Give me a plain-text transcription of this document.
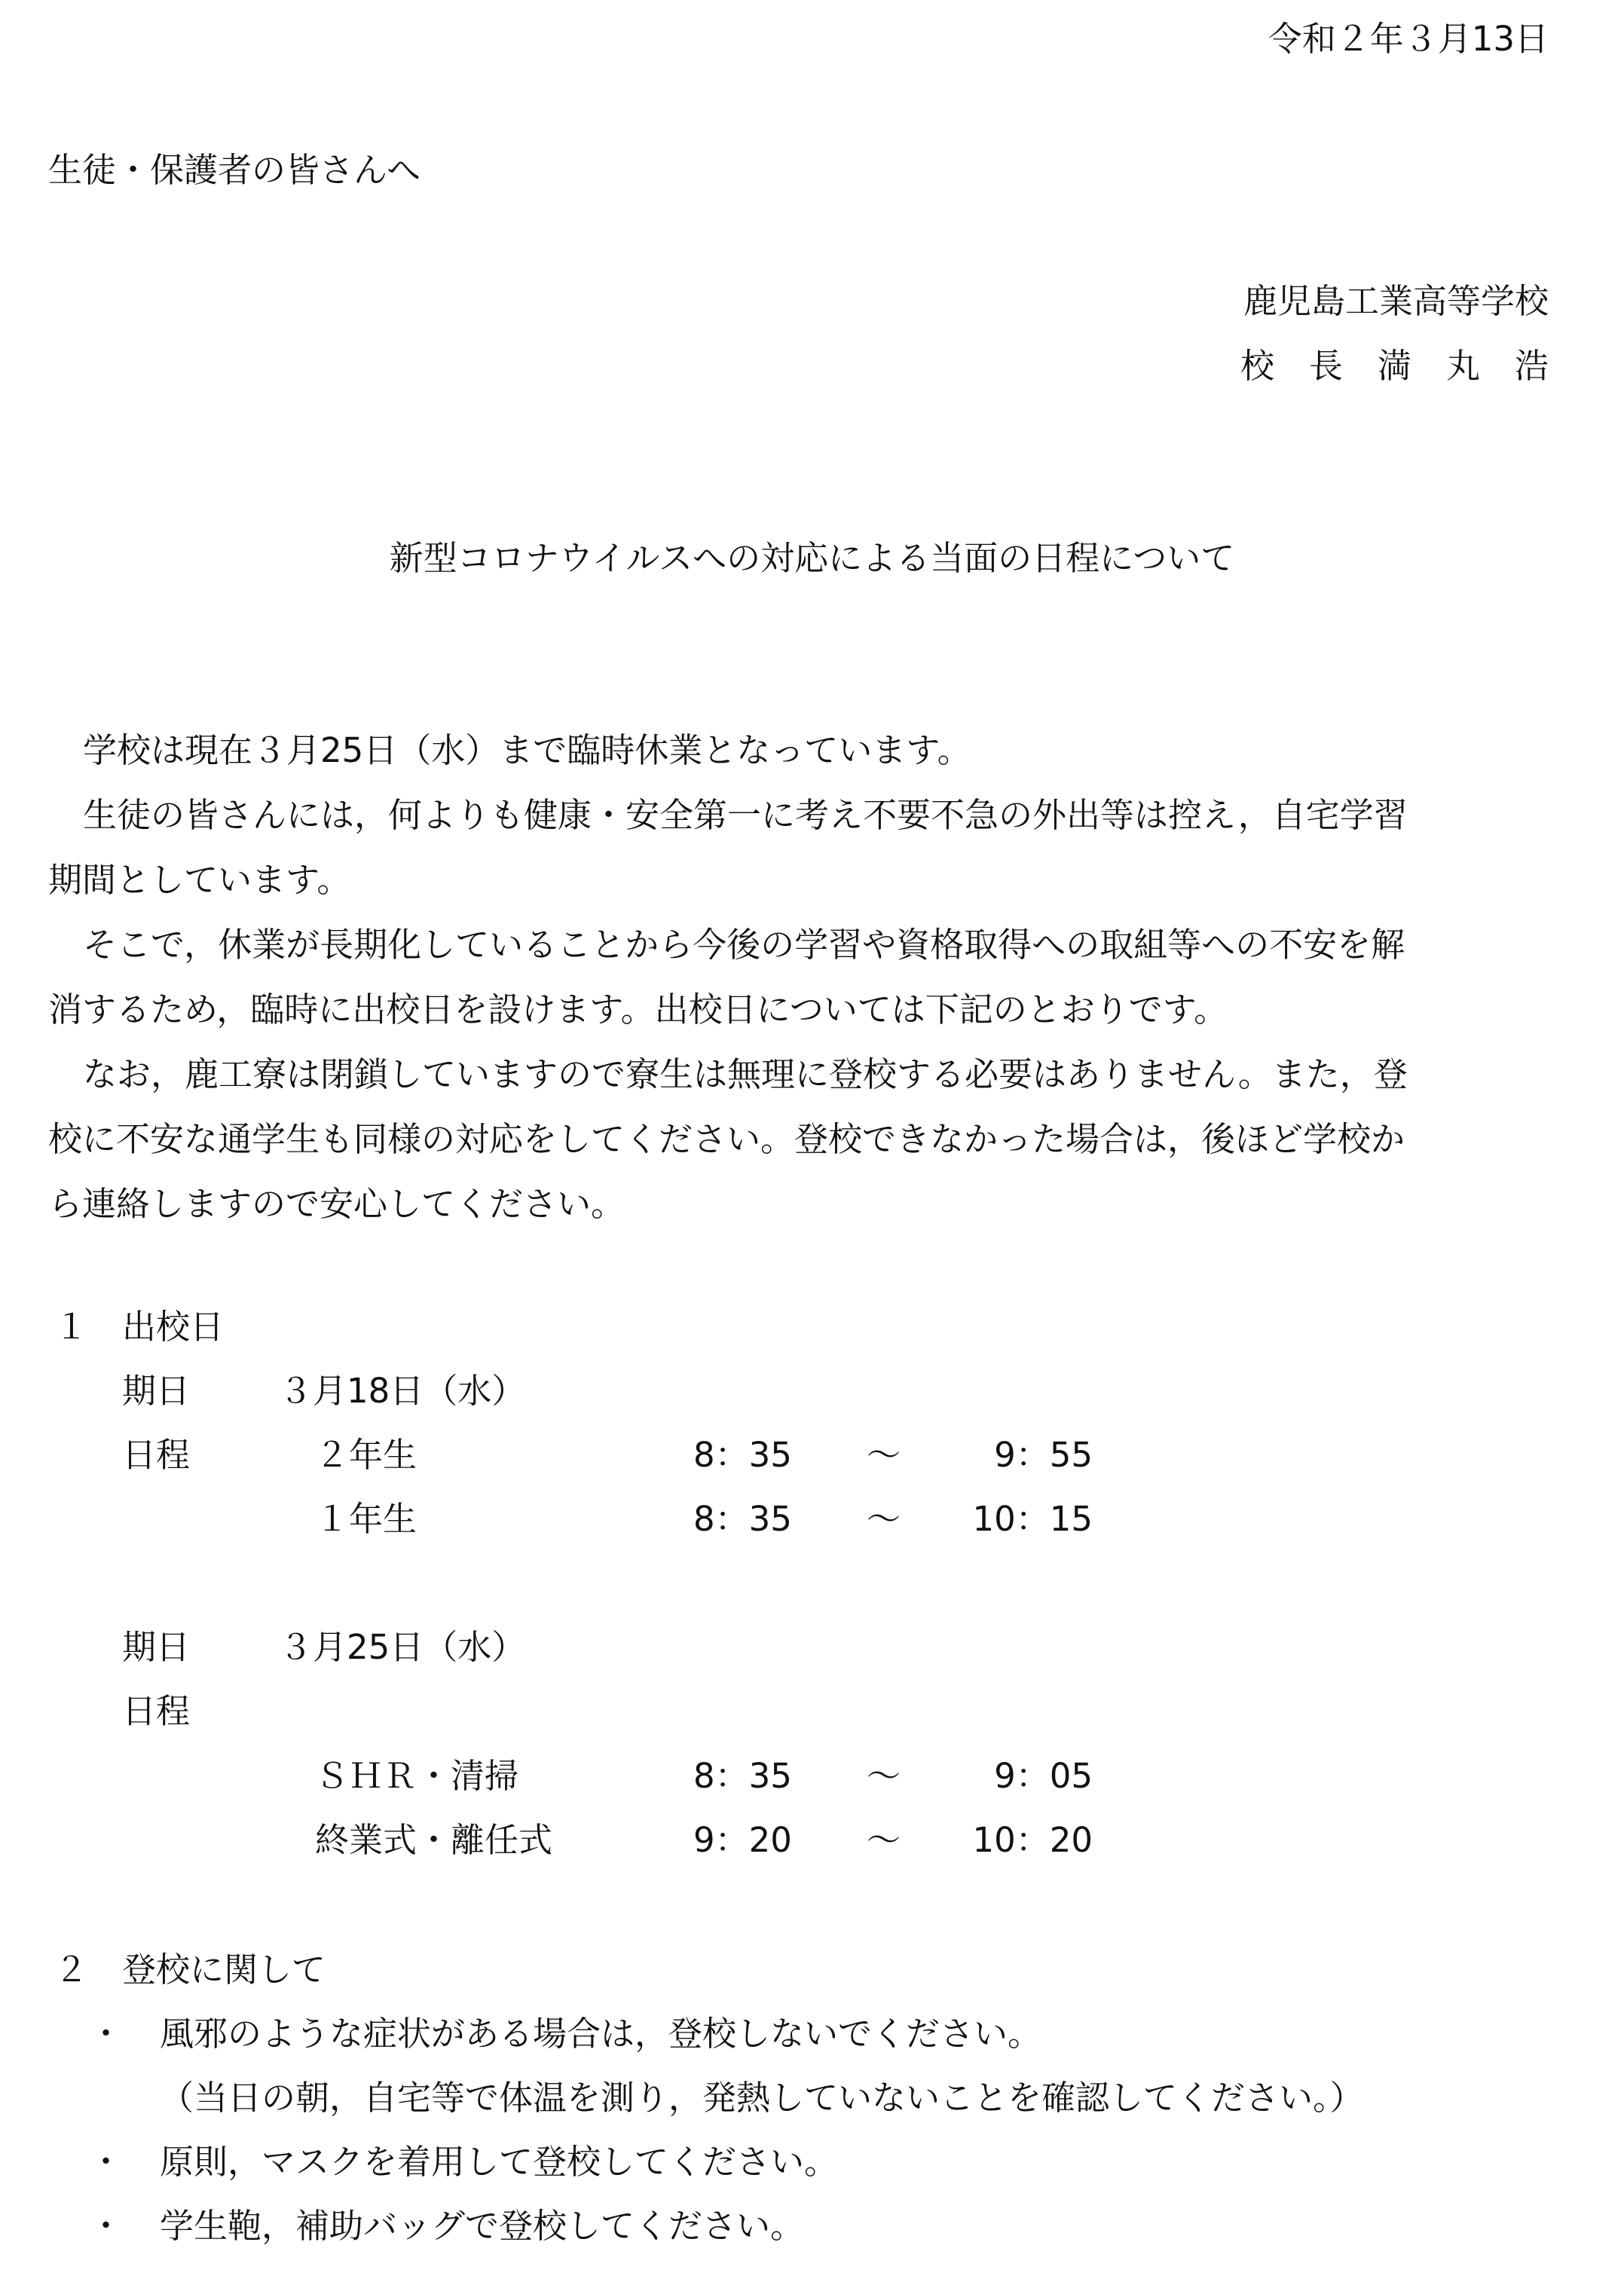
令和２年３月13日

生徒・保護者の皆さんへ

鹿児島工業高等学校

校長満丸浩

新型コロナウイルスへの対応による当面の日程について

学校は現在３月25日（水）まで臨時休業となっています。
生徒の皆さんには，何よりも健康・安全第一に考え不要不急の外出等は控え，自宅学習
期間としています。
そこで，休業が長期化していることから今後の学習や資格取得への取組等への不安を解
消するため，臨時に出校日を設けます。出校日については下記のとおりです。
なお，鹿工寮は閉鎖していますので寮生は無理に登校する必要はありません。また，登
校に不安な通学生も同様の対応をしてください。登校できなかった場合は，後ほど学校か
ら連絡しますので安心してください。

１ 出校日

期日	３月18日（水）

日程	２年生	8：35 ～	9：55

１年生	8：35 ～ 10：15

期日	３月25日（水）

日程

ＳＨＲ・清掃	8：35 ～	9：05

終業式・離任式	9：20 ～ 10：20

２ 登校に関して

・ 風邪のような症状がある場合は，登校しないでください。

（当日の朝，自宅等で体温を測り，発熱していないことを確認してください。）

・ 原則，マスクを着用して登校してください。

・ 学生鞄，補助バッグで登校してください。
